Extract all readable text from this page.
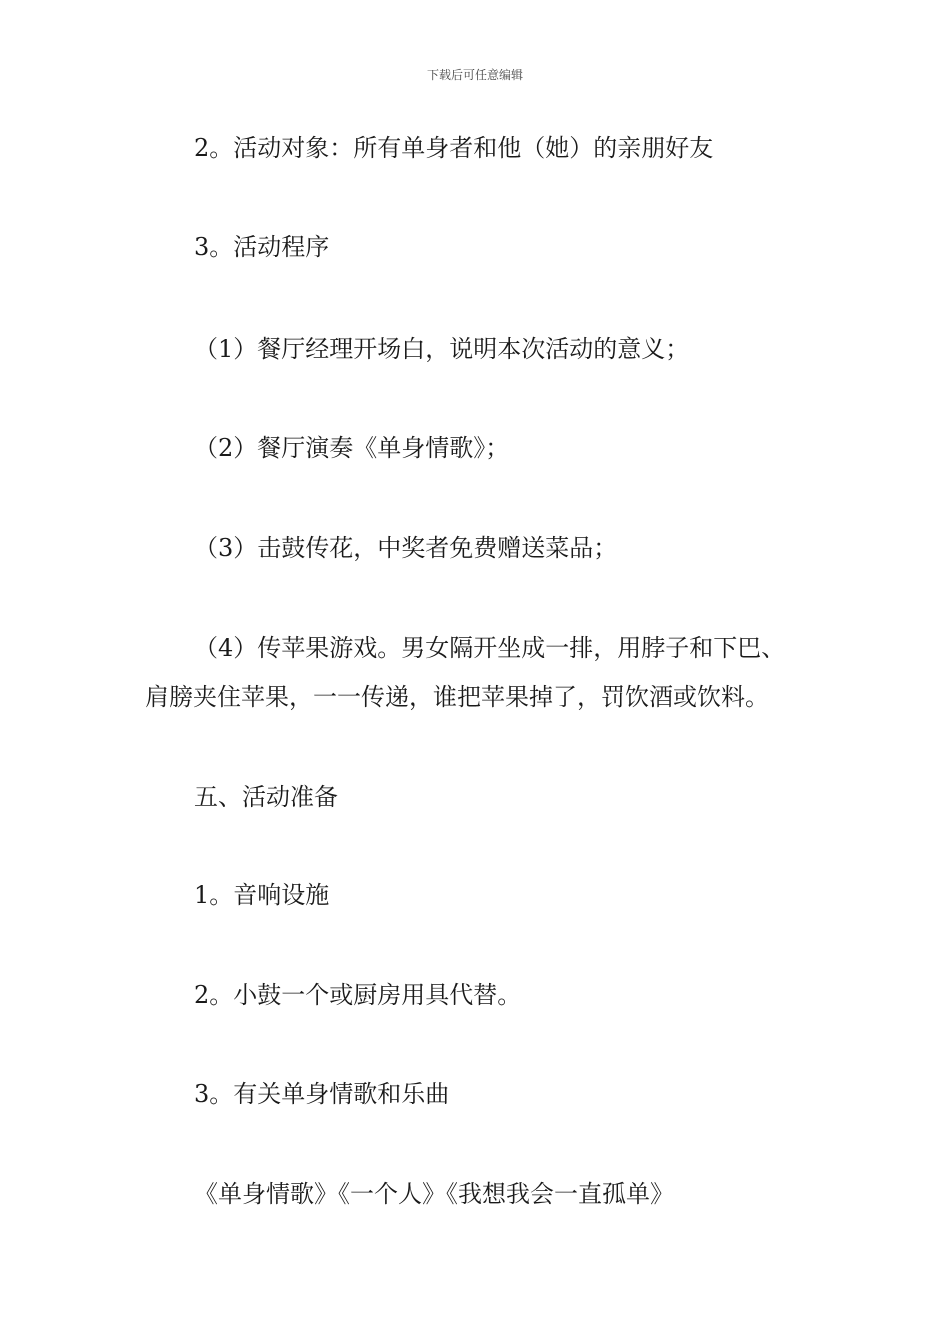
下载后可任意编辑
2。活动对象：所有单身者和他（她）的亲朋好友
3。活动程序
（1）餐厅经理开场白，说明本次活动的意义；
（2）餐厅演奏《单身情歌》；
（3）击鼓传花，中奖者免费赠送菜品；
（4）传苹果游戏。男女隔开坐成一排，用脖子和下巴、
肩膀夹住苹果，一一传递，谁把苹果掉了，罚饮酒或饮料。
五、活动准备
1。音响设施
2。小鼓一个或厨房用具代替。
3。有关单身情歌和乐曲
《单身情歌》《一个人》《我想我会一直孤单》
